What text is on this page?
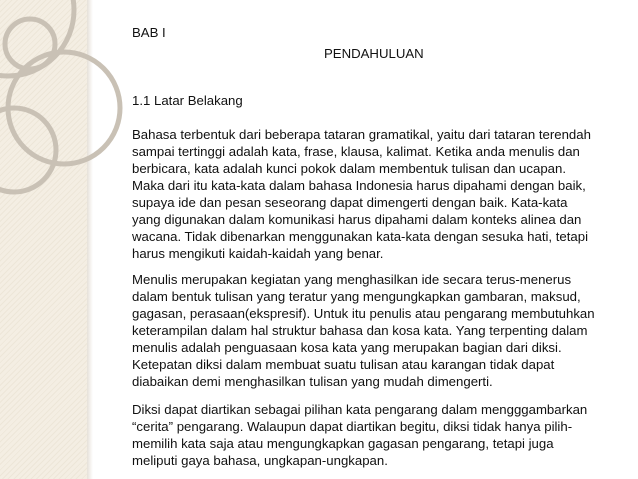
BAB I

PENDAHULUAN
1.1 Latar Belakang

Bahasa terbentuk dari beberapa tataran gramatikal, yaitu dari tataran terendah
sampai tertinggi adalah kata, frase, klausa, kalimat. Ketika anda menulis dan
berbicara, kata adalah kunci pokok dalam membentuk tulisan dan ucapan.
Maka dari itu kata-kata dalam bahasa Indonesia harus dipahami dengan baik,
supaya ide dan pesan seseorang dapat dimengerti dengan baik. Kata-kata
yang digunakan dalam komunikasi harus dipahami dalam konteks alinea dan
wacana. Tidak dibenarkan menggunakan kata-kata dengan sesuka hati, tetapi
harus mengikuti kaidah-kaidah yang benar.

Menulis merupakan kegiatan yang menghasilkan ide secara terus-menerus
dalam bentuk tulisan yang teratur yang mengungkapkan gambaran, maksud,
gagasan, perasaan(ekspresif). Untuk itu penulis atau pengarang membutuhkan
keterampilan dalam hal struktur bahasa dan kosa kata. Yang terpenting dalam
menulis adalah penguasaan kosa kata yang merupakan bagian dari diksi.
Ketepatan diksi dalam membuat suatu tulisan atau karangan tidak dapat
diabaikan demi menghasilkan tulisan yang mudah dimengerti.

Diksi dapat diartikan sebagai pilihan kata pengarang dalam mengggambarkan
“cerita” pengarang. Walaupun dapat diartikan begitu, diksi tidak hanya pilih-
memilih kata saja atau mengungkapkan gagasan pengarang, tetapi juga
meliputi gaya bahasa, ungkapan-ungkapan.
